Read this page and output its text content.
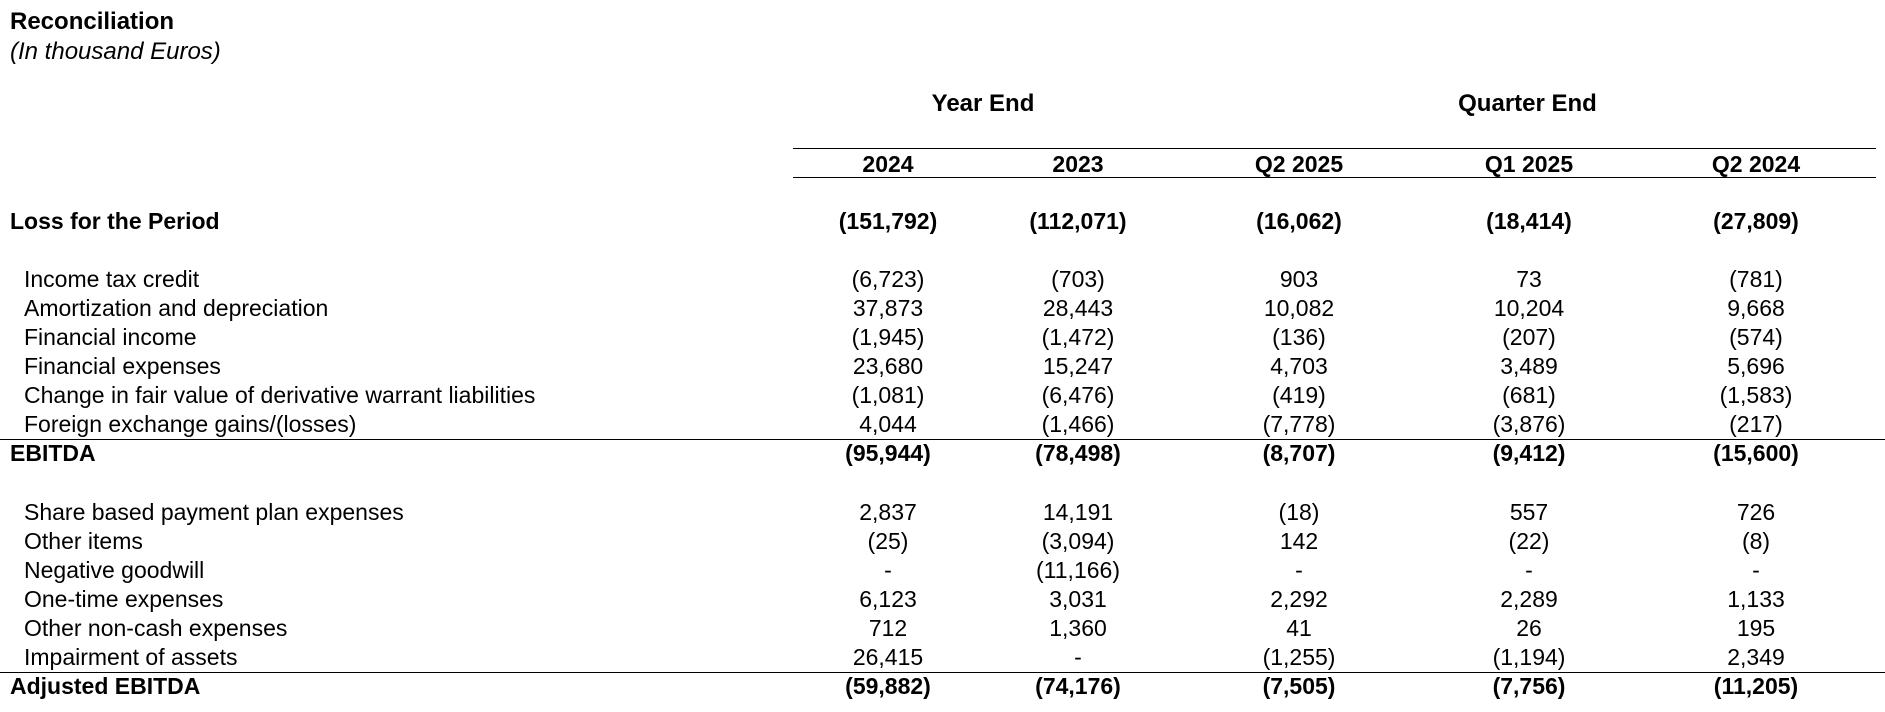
Reconciliation
(In thousand Euros)
Year End	Quarter End
2024	2023	Q2 2025	Q1 2025	Q2 2024
Loss for the Period	(151,792)	(112,071)	(16,062)	(18,414)	(27,809)
Income tax credit	(6,723)	(703)	903	73	(781)
Amortization and depreciation	37,873	28,443	10,082	10,204	9,668
Financial income	(1,945)	(1,472)	(136)	(207)	(574)
Financial expenses	23,680	15,247	4,703	3,489	5,696
Change in fair value of derivative warrant liabilities	(1,081)	(6,476)	(419)	(681)	(1,583)
Foreign exchange gains/(losses)	4,044	(1,466)	(7,778)	(3,876)	(217)
EBITDA	(95,944)	(78,498)	(8,707)	(9,412)	(15,600)
Share based payment plan expenses	2,837	14,191	(18)	557	726
Other items	(25)	(3,094)	142	(22)	(8)
Negative goodwill	-	(11,166)	-	-	-
One-time expenses	6,123	3,031	2,292	2,289	1,133
Other non-cash expenses	712	1,360	41	26	195
Impairment of assets	26,415	-	(1,255)	(1,194)	2,349
Adjusted EBITDA	(59,882)	(74,176)	(7,505)	(7,756)	(11,205)
